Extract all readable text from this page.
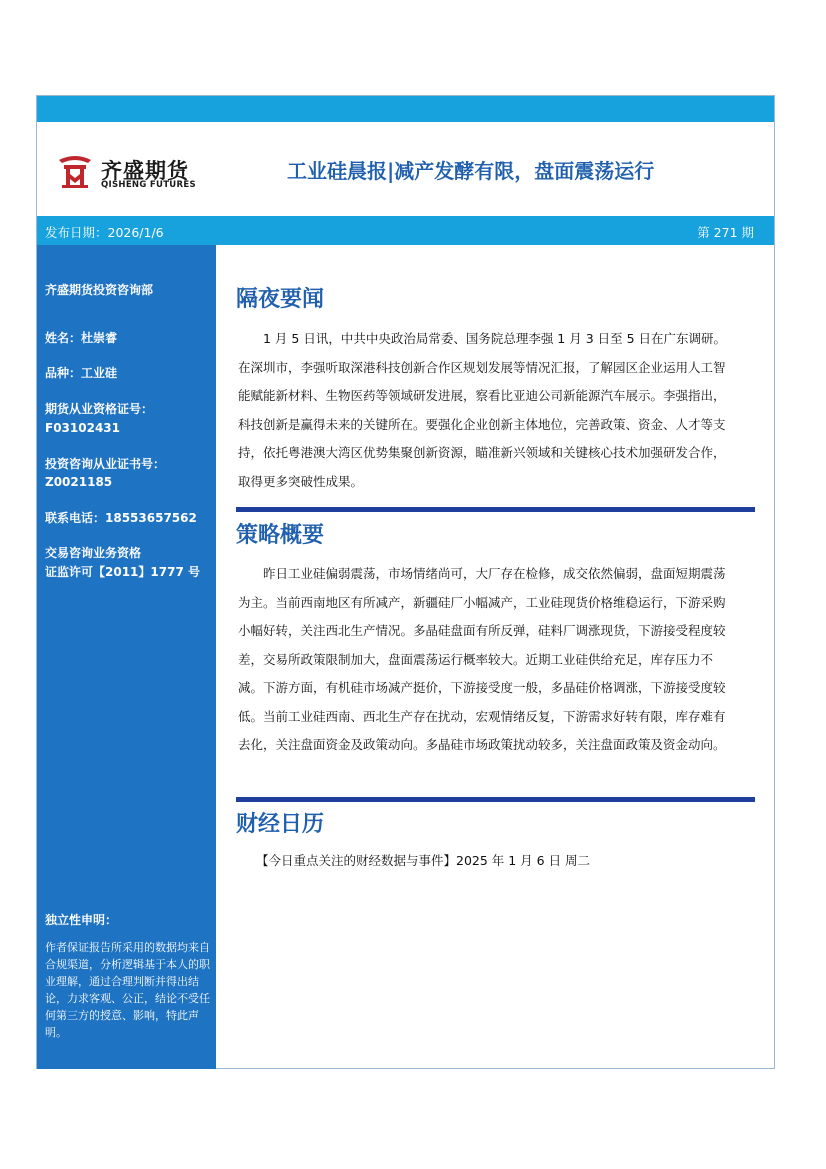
齐盛期货
QISHENG FUTURES
工业硅晨报|减产发酵有限，盘面震荡运行
发布日期：2026/1/6	第 271 期
齐盛期货投资咨询部
姓名：杜崇睿
品种：工业硅
期货从业资格证号：
F03102431
投资咨询从业证书号：
Z0021185
联系电话：18553657562
交易咨询业务资格
证监许可【2011】1777 号
独立性申明：
作者保证报告所采用的数据均来自合规渠道，分析逻辑基于本人的职业理解，通过合理判断并得出结论，力求客观、公正，结论不受任何第三方的授意、影响，特此声明。
隔夜要闻

1 月 5 日讯，中共中央政治局常委、国务院总理李强 1 月 3 日至 5 日在广东调研。在深圳市，李强听取深港科技创新合作区规划发展等情况汇报，了解园区企业运用人工智能赋能新材料、生物医药等领域研发进展，察看比亚迪公司新能源汽车展示。李强指出，科技创新是赢得未来的关键所在。要强化企业创新主体地位，完善政策、资金、人才等支持，依托粤港澳大湾区优势集聚创新资源，瞄准新兴领域和关键核心技术加强研发合作，取得更多突破性成果。

策略概要

昨日工业硅偏弱震荡，市场情绪尚可，大厂存在检修，成交依然偏弱，盘面短期震荡为主。当前西南地区有所减产，新疆硅厂小幅减产，工业硅现货价格维稳运行，下游采购小幅好转，关注西北生产情况。多晶硅盘面有所反弹，硅料厂调涨现货，下游接受程度较差，交易所政策限制加大，盘面震荡运行概率较大。近期工业硅供给充足，库存压力不减。下游方面，有机硅市场减产挺价，下游接受度一般，多晶硅价格调涨，下游接受度较低。当前工业硅西南、西北生产存在扰动，宏观情绪反复，下游需求好转有限，库存难有去化，关注盘面资金及政策动向。多晶硅市场政策扰动较多，关注盘面政策及资金动向。

财经日历
【今日重点关注的财经数据与事件】2025 年 1 月 6 日 周二
